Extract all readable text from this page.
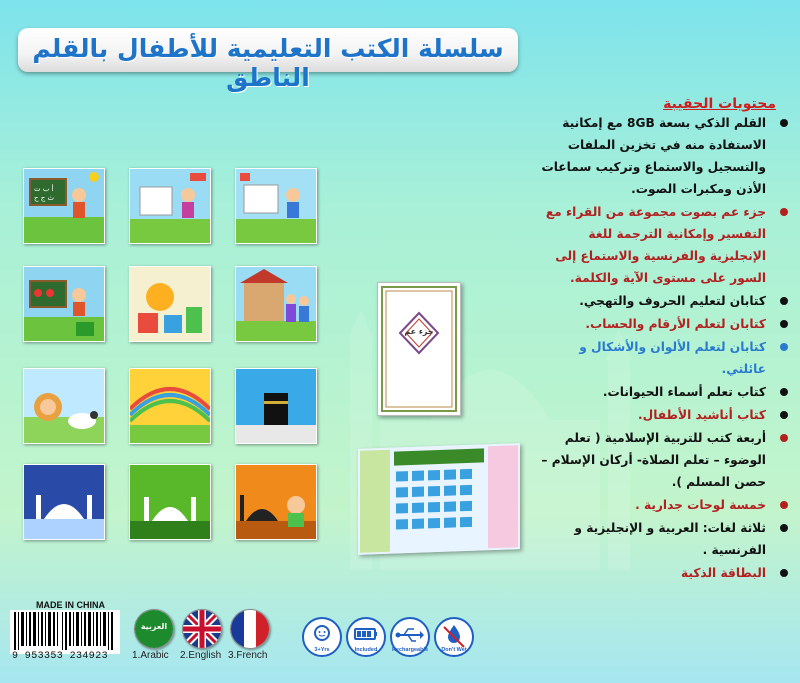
سلسلة الكتب التعليمية للأطفال بالقلم الناطق
محتويات الحقيبة
القلم الذكي بسعة 8GB مع إمكانية الاستفادة منه في تخزين الملفات والتسجيل والاستماع وتركيب سماعات الأذن ومكبرات الصوت.
جزء عم بصوت مجموعة من القراء مع التفسير وإمكانية الترجمة للغة الإنجليزية والفرنسية والاستماع إلى السور على مستوى الآية والكلمة.
كتابان لتعليم الحروف والتهجي.
كتابان لتعلم الأرقام والحساب.
كتابان لتعلم الألوان والأشكال و عائلتي.
كتاب تعلم أسماء الحيوانات.
كتاب أناشيد الأطفال.
أربعة كتب للتربية الإسلامية ( تعلم الوضوء – تعلم الصلاة- أركان الإسلام – حصن المسلم ).
خمسة لوحات جدارية .
ثلاثة لغات: العربية و الإنجليزية و الفرنسية .
البطاقة الذكية
أ ب ت
ث ج ح
جزء عم
MADE IN CHINA
9 953353 234923
العربية
1.Arabic 2.English 3.French	3+Yrs	Included	Rechargeable	Don't Wet
